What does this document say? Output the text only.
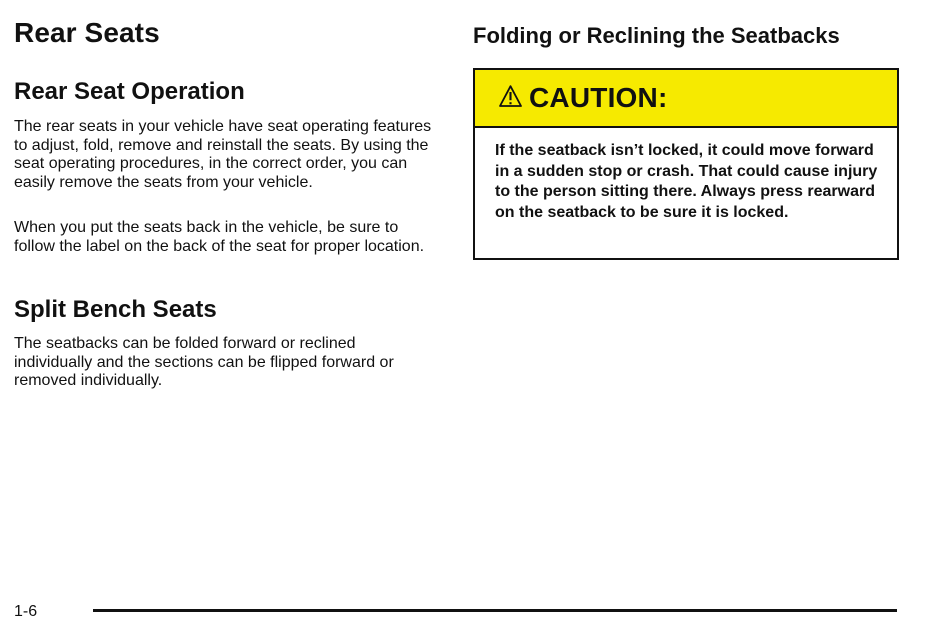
Rear Seats
Rear Seat Operation

The rear seats in your vehicle have seat operating features to adjust, fold, remove and reinstall the seats. By using the seat operating procedures, in the correct order, you can easily remove the seats from your vehicle.

When you put the seats back in the vehicle, be sure to follow the label on the back of the seat for proper location.

Split Bench Seats

The seatbacks can be folded forward or reclined individually and the sections can be flipped forward or removed individually.

Folding or Reclining the Seatbacks
CAUTION:

If the seatback isn’t locked, it could move forward in a sudden stop or crash. That could cause injury to the person sitting there. Always press rearward on the seatback to be sure it is locked.

1-6
